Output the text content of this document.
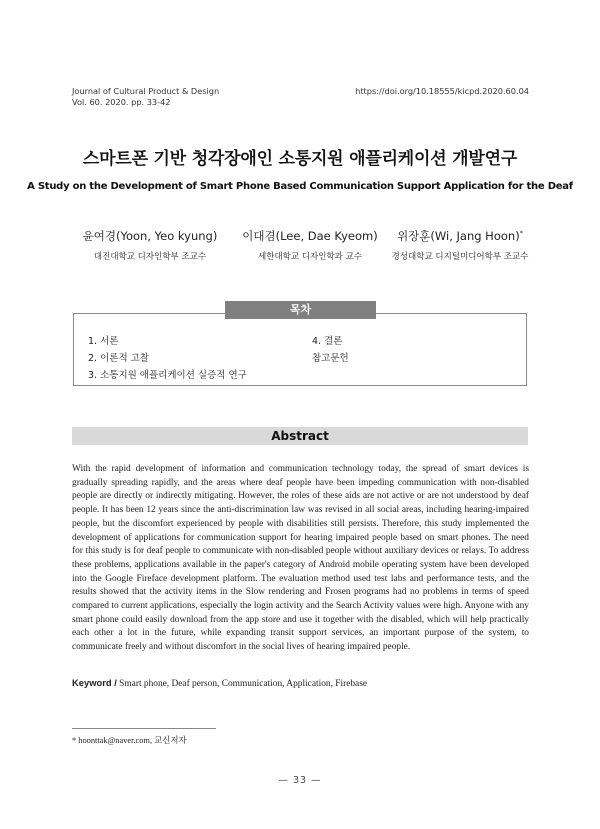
Journal of Cultural Product & Design
Vol. 60. 2020. pp. 33-42
https://doi.org/10.18555/kicpd.2020.60.04
스마트폰 기반 청각장애인 소통지원 애플리케이션 개발연구
A Study on the Development of Smart Phone Based Communication Support Application for the Deaf
윤여경(Yoon, Yeo kyung)
대진대학교 디자인학부 조교수
이대겸(Lee, Dae Kyeom)
세한대학교 디자인학과 교수
위장훈(Wi, Jang Hoon)*
경성대학교 디지털미디어학부 조교수
목차
1. 서론
2. 이론적 고찰
3. 소통지원 애플리케이션 실증적 연구
4. 결론
참고문헌
Abstract
With the rapid development of information and communication technology today, the spread of smart devices is gradually spreading rapidly, and the areas where deaf people have been impeding communication with non-disabled people are directly or indirectly mitigating. However, the roles of these aids are not active or are not understood by deaf people. It has been 12 years since the anti-discrimination law was revised in all social areas, including hearing-impaired people, but the discomfort experienced by people with disabilities still persists. Therefore, this study implemented the development of applications for communication support for hearing impaired people based on smart phones. The need for this study is for deaf people to communicate with non-disabled people without auxiliary devices or relays. To address these problems, applications available in the paper's category of Android mobile operating system have been developed into the Google Fireface development platform. The evaluation method used test labs and performance tests, and the results showed that the activity items in the Slow rendering and Frosen programs had no problems in terms of speed compared to current applications, especially the login activity and the Search Activity values were high. Anyone with any smart phone could easily download from the app store and use it together with the disabled, which will help practically each other a lot in the future, while expanding transit support services, an important purpose of the system, to communicate freely and without discomfort in the social lives of hearing impaired people.
Keyword / Smart phone, Deaf person, Communication, Application, Firebase
* hoonttak@naver.com, 교신저자
— 33 —
